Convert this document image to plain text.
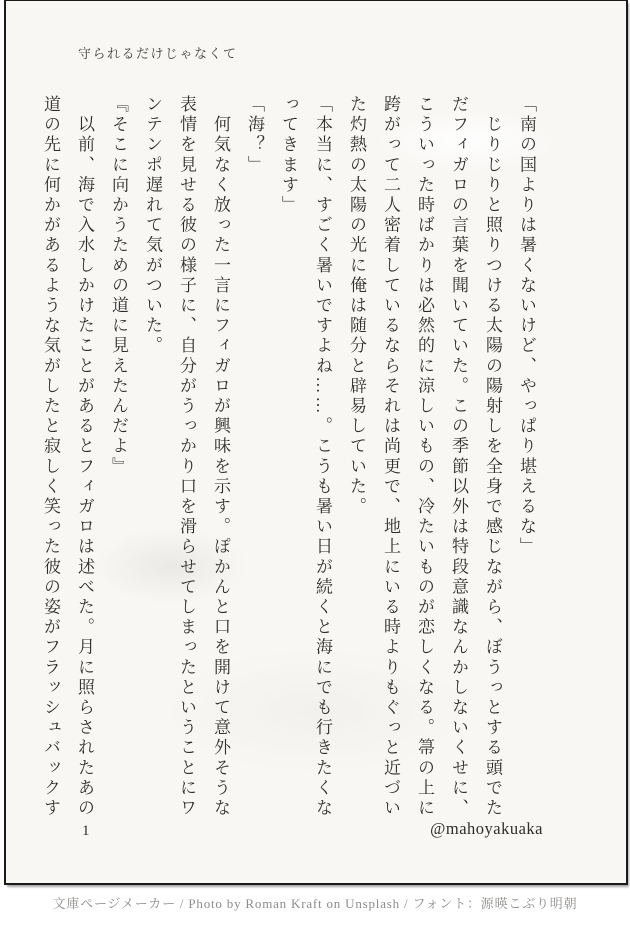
守られるだけじゃなくて

「南の国よりは暑くないけど、やっぱり堪えるな」

　じりじりと照りつける太陽の陽射しを全身で感じながら、ぼうっとする頭でた

だフィガロの言葉を聞いていた。この季節以外は特段意識なんかしないくせに、

こういった時ばかりは必然的に涼しいもの、冷たいものが恋しくなる。箒の上に

跨がって二人密着しているならそれは尚更で、地上にいる時よりもぐっと近づい

た灼熱の太陽の光に俺は随分と辟易していた。

「本当に、すごく暑いですよね……。こうも暑い日が続くと海にでも行きたくな

ってきます」

「海？」

　何気なく放った一言にフィガロが興味を示す。ぽかんと口を開けて意外そうな

表情を見せる彼の様子に、自分がうっかり口を滑らせてしまったということにワ

ンテンポ遅れて気がついた。

『そこに向かうための道に見えたんだよ』

　以前、海で入水しかけたことがあるとフィガロは述べた。月に照らされたあの

道の先に何かがあるような気がしたと寂しく笑った彼の姿がフラッシュバックす

1	@mahoyakuaka
文庫ページメーカー / Photo by Roman Kraft on Unsplash / フォント：源暎こぶり明朝
